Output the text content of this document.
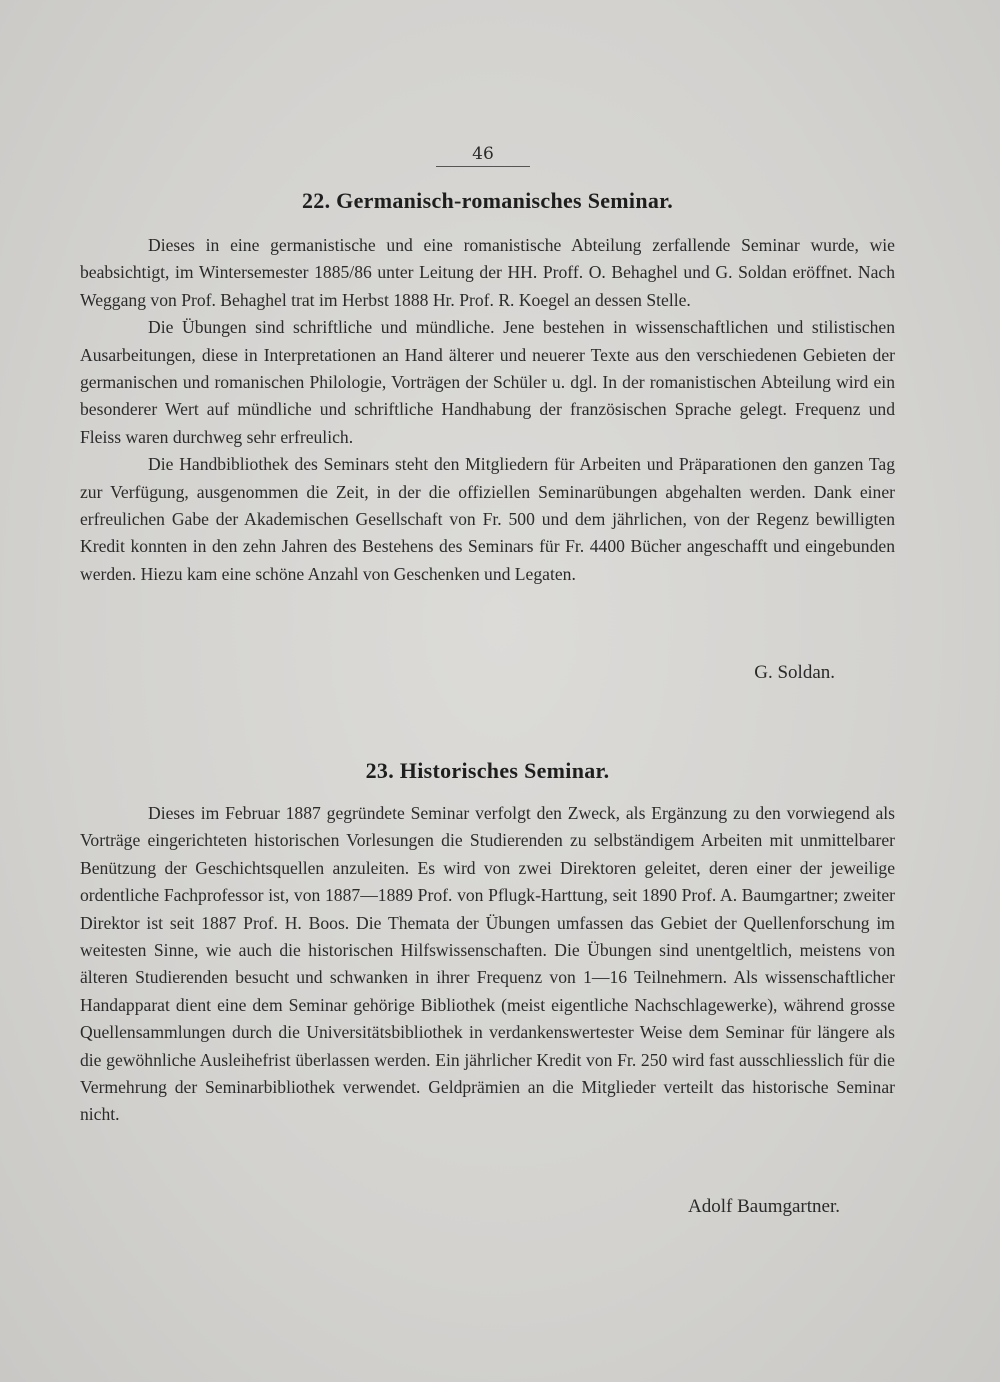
46
22. Germanisch-romanisches Seminar.

Dieses in eine germanistische und eine romanistische Abteilung zerfallende Seminar wurde, wie beabsichtigt, im Wintersemester 1885/86 unter Leitung der HH. Proff. O. Behaghel und G. Soldan eröffnet. Nach Weggang von Prof. Behaghel trat im Herbst 1888 Hr. Prof. R. Koegel an dessen Stelle.

Die Übungen sind schriftliche und mündliche. Jene bestehen in wissenschaftlichen und stilistischen Ausarbeitungen, diese in Interpretationen an Hand älterer und neuerer Texte aus den verschiedenen Gebieten der germanischen und romanischen Philologie, Vorträgen der Schüler u. dgl. In der romanistischen Abteilung wird ein besonderer Wert auf mündliche und schriftliche Handhabung der französischen Sprache gelegt. Frequenz und Fleiss waren durchweg sehr erfreulich.

Die Handbibliothek des Seminars steht den Mitgliedern für Arbeiten und Präparationen den ganzen Tag zur Verfügung, ausgenommen die Zeit, in der die offiziellen Seminarübungen abgehalten werden. Dank einer erfreulichen Gabe der Akademischen Gesellschaft von Fr. 500 und dem jährlichen, von der Regenz bewilligten Kredit konnten in den zehn Jahren des Bestehens des Seminars für Fr. 4400 Bücher angeschafft und eingebunden werden. Hiezu kam eine schöne Anzahl von Geschenken und Legaten.

G. Soldan.
23. Historisches Seminar.

Dieses im Februar 1887 gegründete Seminar verfolgt den Zweck, als Ergänzung zu den vorwiegend als Vorträge eingerichteten historischen Vorlesungen die Studierenden zu selbständigem Arbeiten mit unmittelbarer Benützung der Geschichtsquellen anzuleiten. Es wird von zwei Direktoren geleitet, deren einer der jeweilige ordentliche Fachprofessor ist, von 1887—1889 Prof. von Pflugk-Harttung, seit 1890 Prof. A. Baumgartner; zweiter Direktor ist seit 1887 Prof. H. Boos. Die Themata der Übungen umfassen das Gebiet der Quellenforschung im weitesten Sinne, wie auch die historischen Hilfswissenschaften. Die Übungen sind unentgeltlich, meistens von älteren Studierenden besucht und schwanken in ihrer Frequenz von 1—16 Teilnehmern. Als wissenschaftlicher Handapparat dient eine dem Seminar gehörige Bibliothek (meist eigentliche Nachschlagewerke), während grosse Quellensammlungen durch die Universitätsbibliothek in verdankenswertester Weise dem Seminar für längere als die gewöhnliche Ausleihefrist überlassen werden. Ein jährlicher Kredit von Fr. 250 wird fast ausschliesslich für die Vermehrung der Seminarbibliothek verwendet. Geldprämien an die Mitglieder verteilt das historische Seminar nicht.

Adolf Baumgartner.
